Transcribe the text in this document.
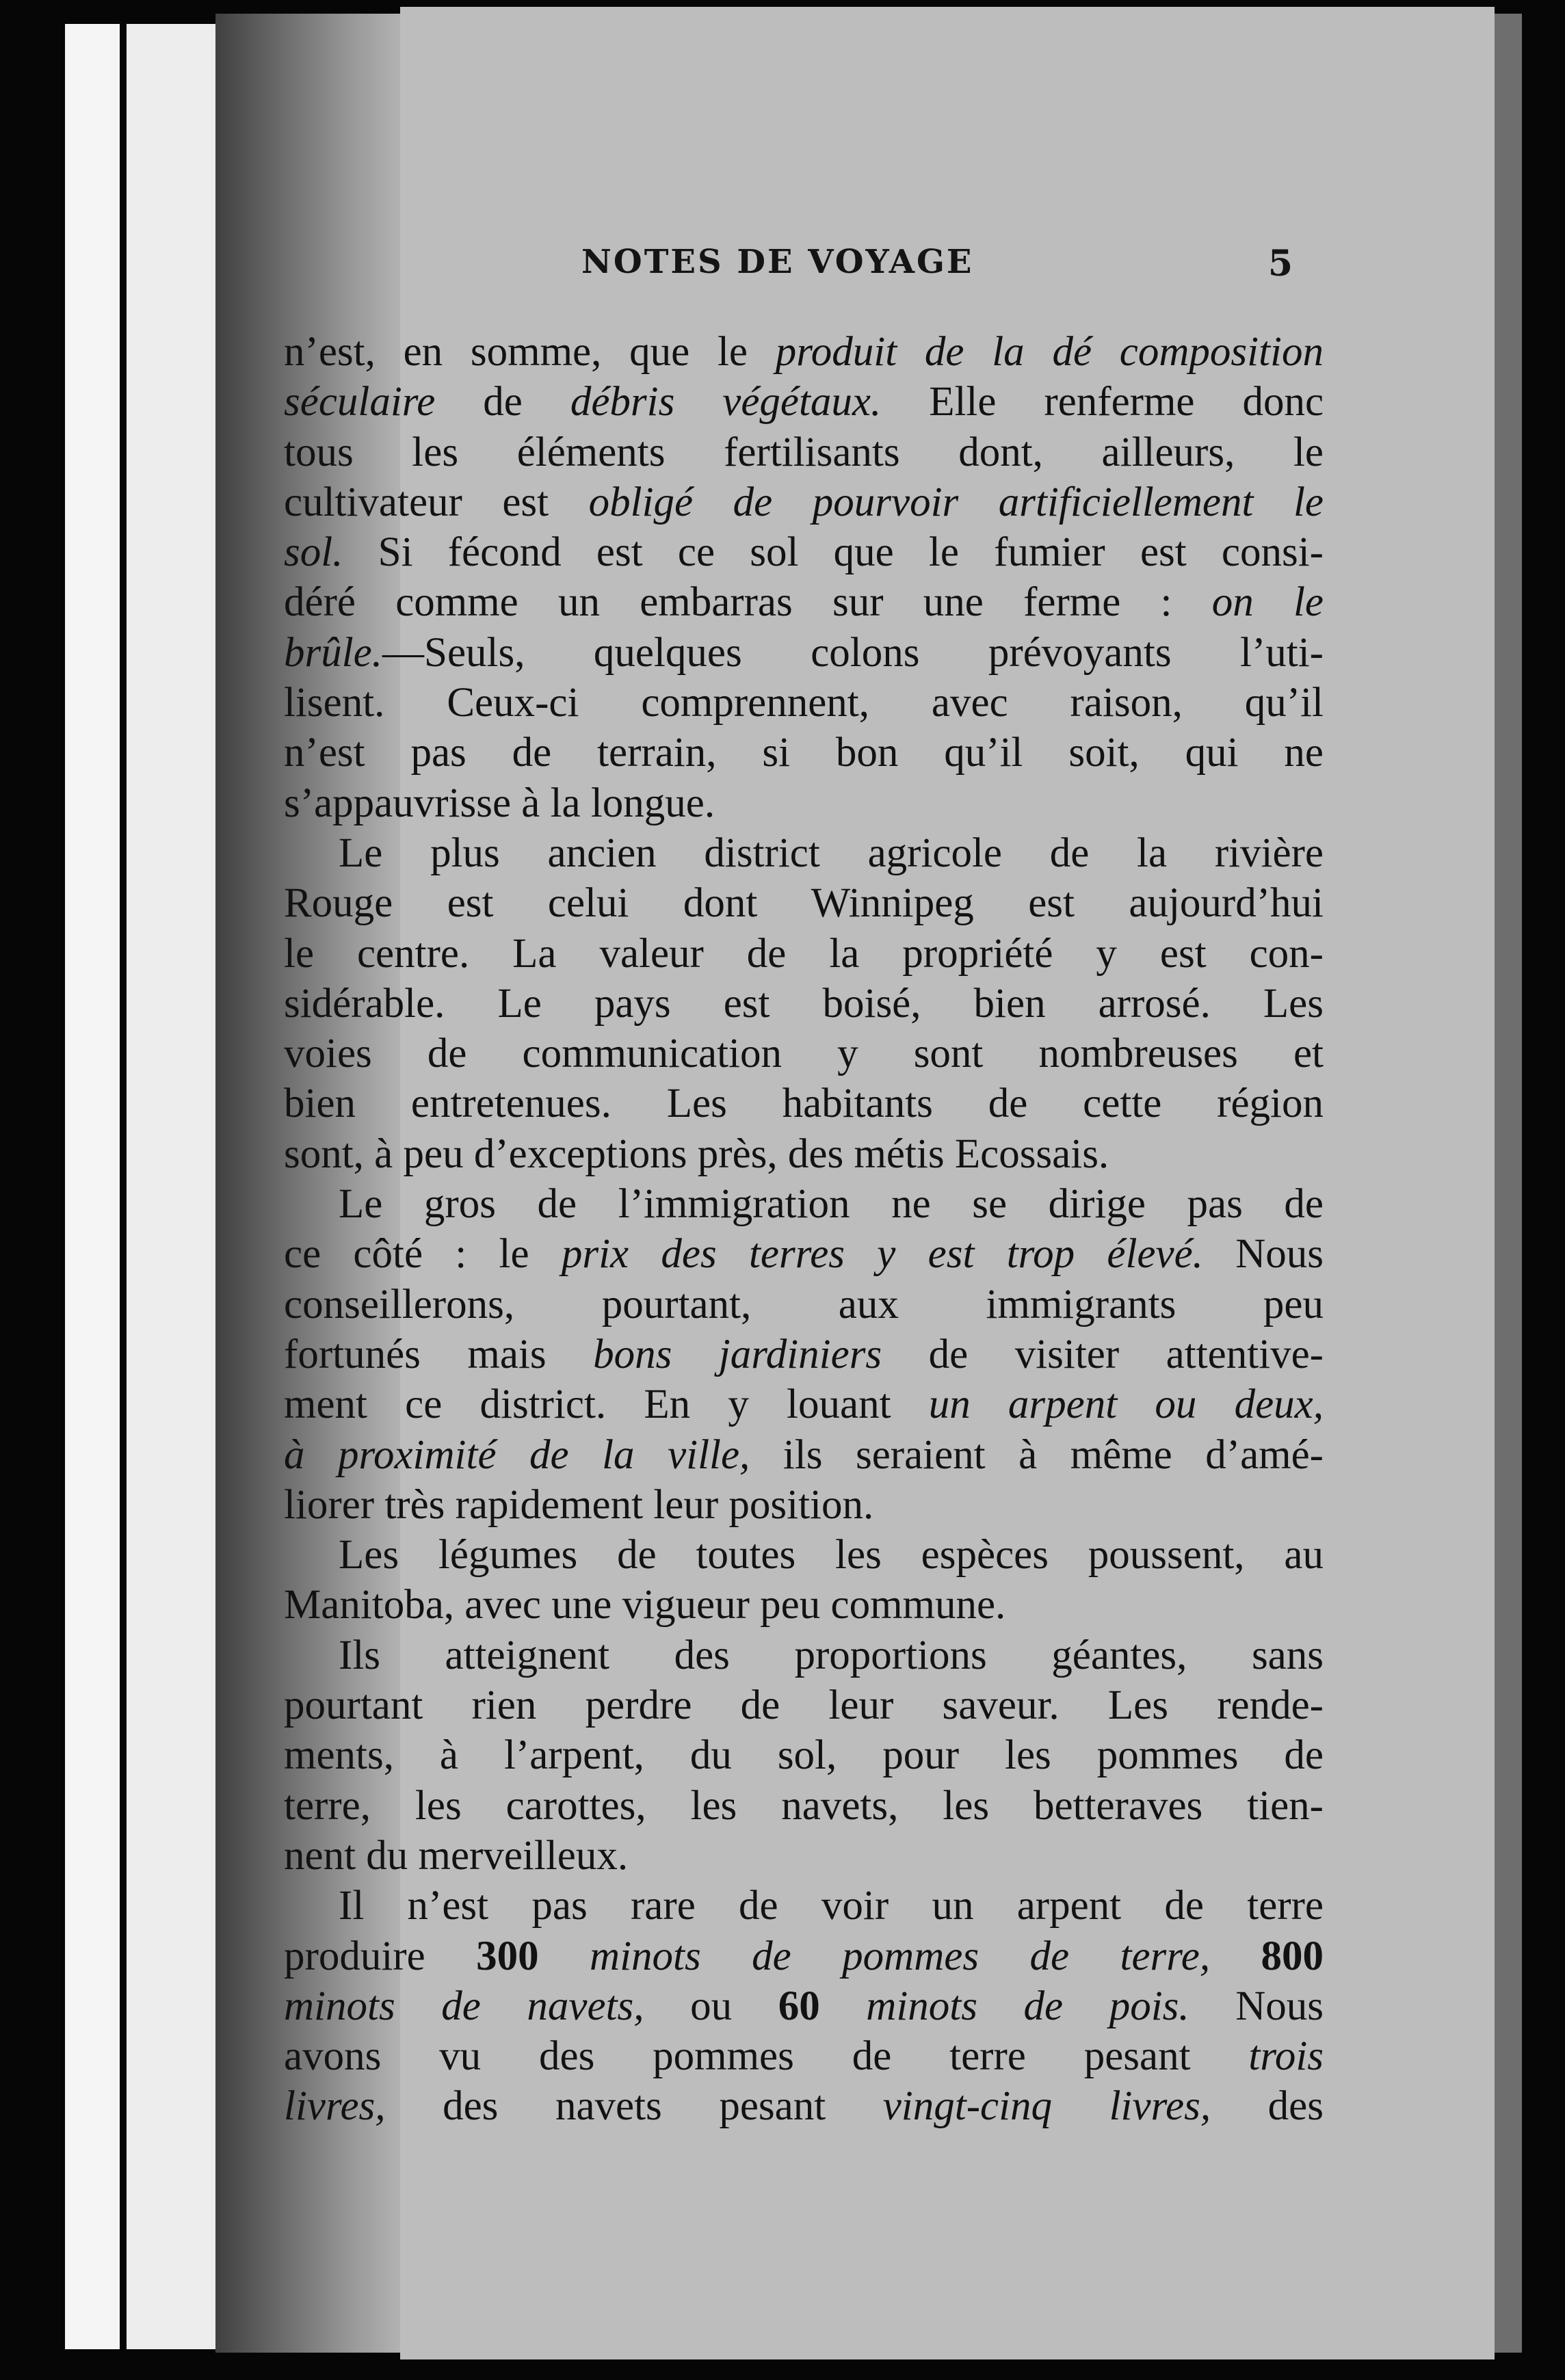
NOTES DE VOYAGE	5
n’est, en somme, que le produit de la dé composition
séculaire de débris végétaux. Elle renferme donc
tous les éléments fertilisants dont, ailleurs, le
cultivateur est obligé de pourvoir artificiellement le
sol. Si fécond est ce sol que le fumier est consi-
déré comme un embarras sur une ferme : on le
brûle.—Seuls, quelques colons prévoyants l’uti-
lisent. Ceux-ci comprennent, avec raison, qu’il
n’est pas de terrain, si bon qu’il soit, qui ne
s’appauvrisse à la longue.
Le plus ancien district agricole de la rivière
Rouge est celui dont Winnipeg est aujourd’hui
le centre. La valeur de la propriété y est con-
sidérable. Le pays est boisé, bien arrosé. Les
voies de communication y sont nombreuses et
bien entretenues. Les habitants de cette région
sont, à peu d’exceptions près, des métis Ecossais.
Le gros de l’immigration ne se dirige pas de
ce côté : le prix des terres y est trop élevé. Nous
conseillerons, pourtant, aux immigrants peu
fortunés mais bons jardiniers de visiter attentive-
ment ce district. En y louant un arpent ou deux,
à proximité de la ville, ils seraient à même d’amé-
liorer très rapidement leur position.
Les légumes de toutes les espèces poussent, au
Manitoba, avec une vigueur peu commune.
Ils atteignent des proportions géantes, sans
pourtant rien perdre de leur saveur. Les rende-
ments, à l’arpent, du sol, pour les pommes de
terre, les carottes, les navets, les betteraves tien-
nent du merveilleux.
Il n’est pas rare de voir un arpent de terre
produire 300 minots de pommes de terre, 800
minots de navets, ou 60 minots de pois. Nous
avons vu des pommes de terre pesant trois
livres, des navets pesant vingt-cinq livres, des
